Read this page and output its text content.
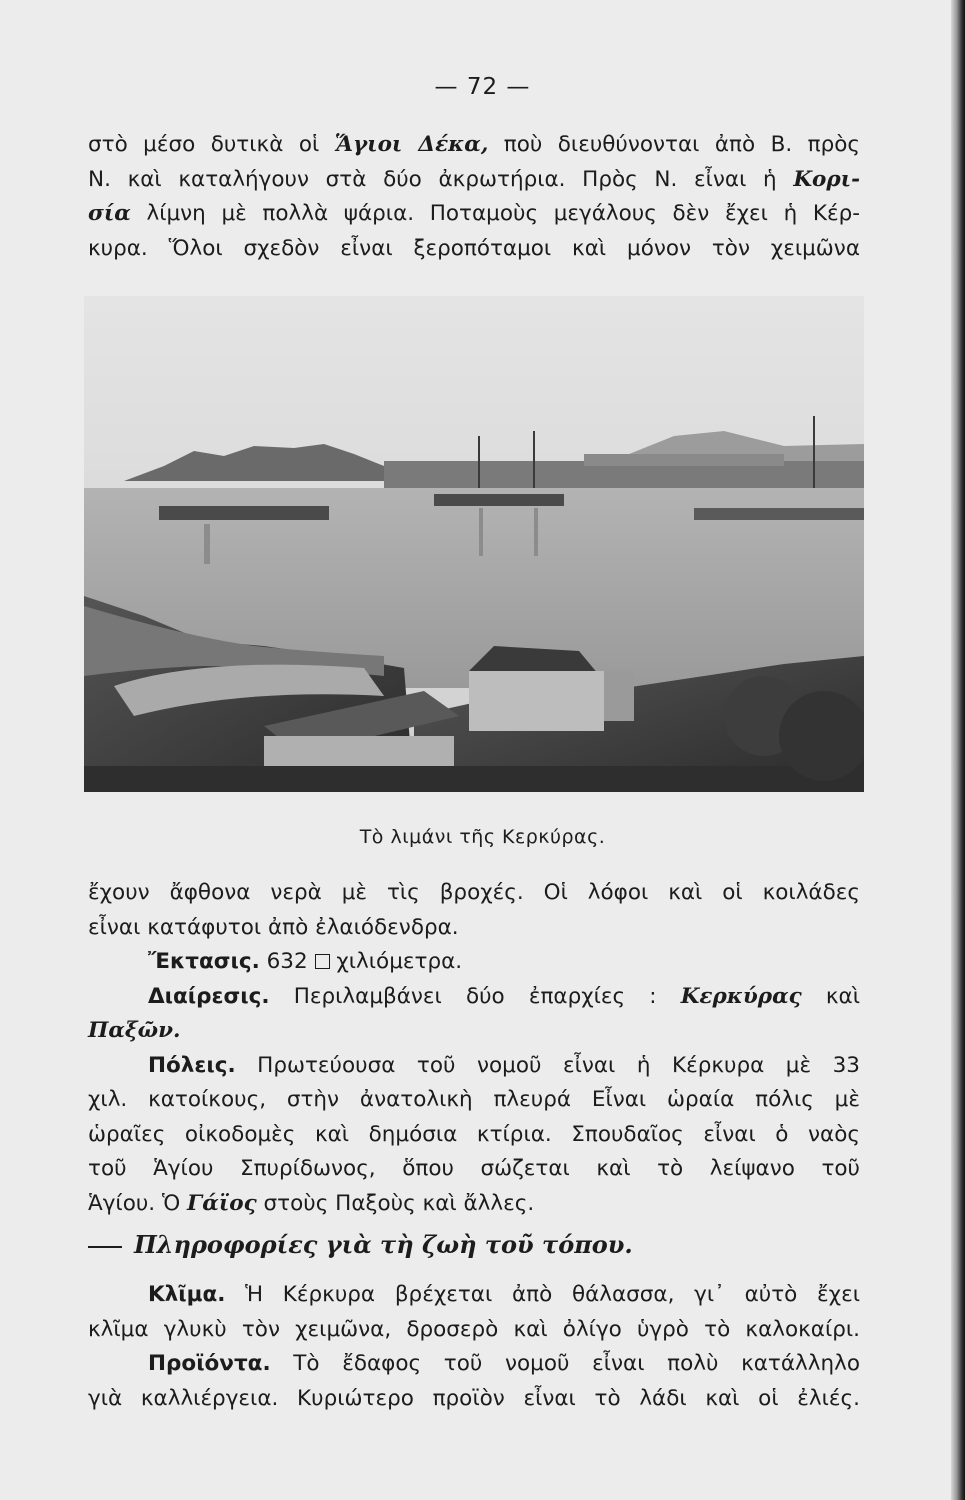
— 72 —
στὸ μέσο δυτικὰ οἱ Ἅγιοι Δέκα, ποὺ διευθύνονται ἀπὸ Β. πρὸς
Ν. καὶ καταλήγουν στὰ δύο ἀκρωτήρια. Πρὸς Ν. εἶναι ἡ Κορι-
σία λίμνη μὲ πολλὰ ψάρια. Ποταμοὺς μεγάλους δὲν ἔχει ἡ Κέρ-
κυρα. Ὅλοι σχεδὸν εἶναι ξεροπόταμοι καὶ μόνον τὸν χειμῶνα
Τὸ λιμάνι τῆς Κερκύρας.
ἔχουν ἄφθονα νερὰ μὲ τὶς βροχές. Οἱ λόφοι καὶ οἱ κοιλάδες
εἶναι κατάφυτοι ἀπὸ ἐλαιόδενδρα.
Ἔκτασις. 632  χιλιόμετρα.
Διαίρεσις. Περιλαμβάνει δύο ἐπαρχίες : Κερκύρας καὶ
Παξῶν.
Πόλεις. Πρωτεύουσα τοῦ νομοῦ εἶναι ἡ Κέρκυρα μὲ 33
χιλ. κατοίκους, στὴν ἀνατολικὴ πλευρά Εἶναι ὡραία πόλις μὲ
ὡραῖες οἰκοδομὲς καὶ δημόσια κτίρια. Σπουδαῖος εἶναι ὁ ναὸς
τοῦ Ἁγίου Σπυρίδωνος, ὅπου σώζεται καὶ τὸ λείψανο τοῦ
Ἁγίου. Ὁ Γάϊος στοὺς Παξοὺς καὶ ἄλλες.
Πληροφορίες γιὰ τὴ ζωὴ τοῦ τόπου.
Κλῖμα. Ἡ Κέρκυρα βρέχεται ἀπὸ θάλασσα, γι᾽ αὐτὸ ἔχει
κλῖμα γλυκὺ τὸν χειμῶνα, δροσερὸ καὶ ὀλίγο ὑγρὸ τὸ καλοκαίρι.
Προϊόντα. Τὸ ἔδαφος τοῦ νομοῦ εἶναι πολὺ κατάλληλο
γιὰ καλλιέργεια. Κυριώτερο προϊὸν εἶναι τὸ λάδι καὶ οἱ ἐλιές.
